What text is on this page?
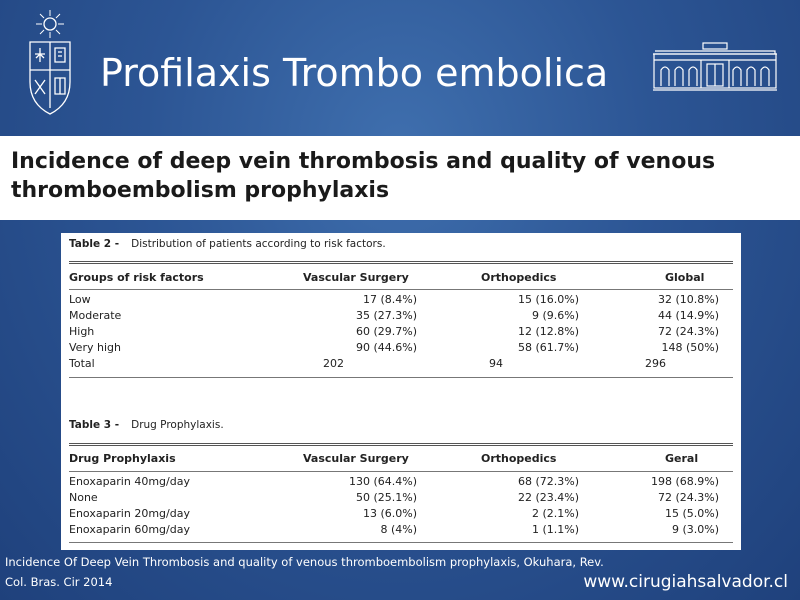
Profilaxis Trombo embolica
Incidence of deep vein thrombosis and quality of venous thromboembolism prophylaxis
Table 2 - Distribution of patients according to risk factors.
Groups of risk factors	Vascular Surgery	Orthopedics	Global
Low	17 (8.4%)	15 (16.0%)	32 (10.8%)
Moderate	35 (27.3%)	9 (9.6%)	44 (14.9%)
High	60 (29.7%)	12 (12.8%)	72 (24.3%)
Very high	90 (44.6%)	58 (61.7%)	148 (50%)
Total	202	94	296
Table 3 - Drug Prophylaxis.
Drug Prophylaxis	Vascular Surgery	Orthopedics	Geral
Enoxaparin 40mg/day	130 (64.4%)	68 (72.3%)	198 (68.9%)
None	50 (25.1%)	22 (23.4%)	72 (24.3%)
Enoxaparin 20mg/day	13 (6.0%)	2 (2.1%)	15 (5.0%)
Enoxaparin 60mg/day	8 (4%)	1 (1.1%)	9 (3.0%)

Incidence Of Deep Vein Thrombosis and quality of venous thromboembolism prophylaxis, Okuhara, Rev. Col. Bras. Cir 2014	www.cirugiahsalvador.cl
